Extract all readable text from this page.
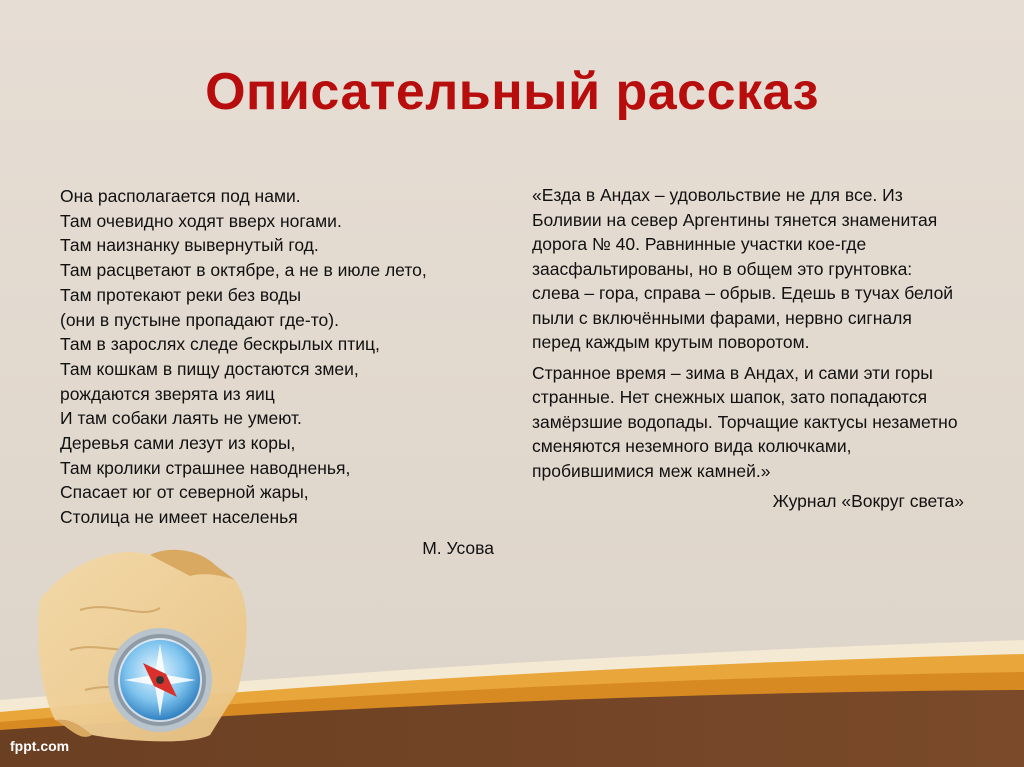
Описательный рассказ
Она располагается под нами.
Там очевидно ходят вверх ногами.
Там наизнанку вывернутый год.
Там расцветают в октябре, а не в июле лето,
Там протекают реки без воды
(они в пустыне пропадают где-то).
Там в зарослях следе бескрылых птиц,
Там кошкам в пищу достаются змеи,
рождаются зверята из яиц
И там собаки лаять не умеют.
Деревья сами лезут из коры,
Там кролики страшнее наводненья,
Спасает юг от северной жары,
Столица не имеет населенья
М. Усова

«Езда в Андах – удовольствие не для все. Из Боливии на север Аргентины тянется знаменитая дорога № 40. Равнинные участки кое-где заасфальтированы, но в общем это грунтовка: слева – гора, справа – обрыв. Едешь в тучах белой пыли с включёнными фарами, нервно сигналя перед каждым крутым поворотом.

Странное время – зима в Андах, и сами эти горы странные. Нет снежных шапок, зато попадаются замёрзшие водопады. Торчащие кактусы незаметно сменяются неземного вида колючками, пробившимися меж камней.»

Журнал «Вокруг света»
fppt.com
